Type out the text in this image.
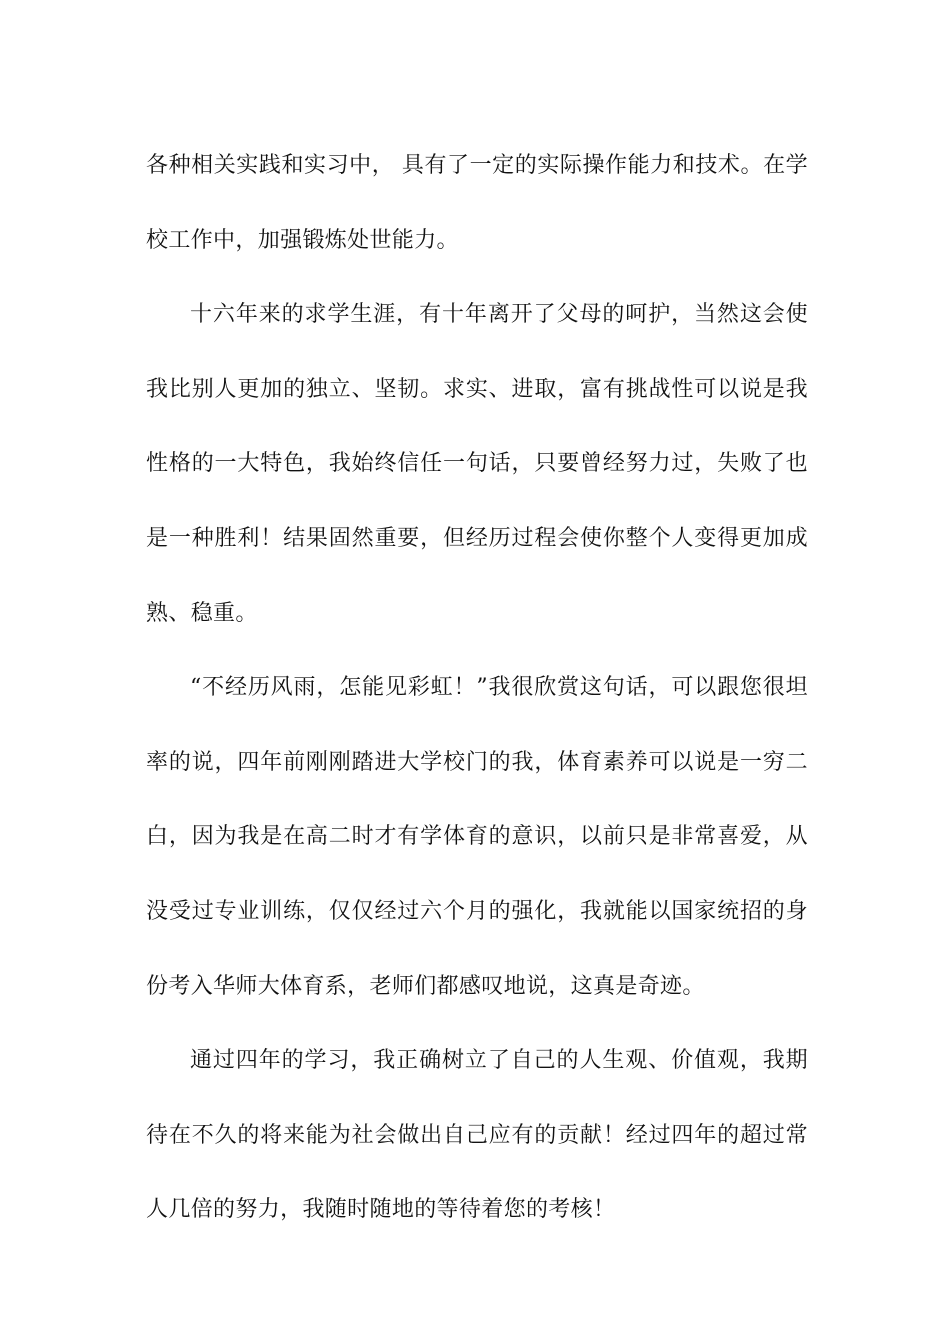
各种相关实践和实习中， 具有了一定的实际操作能力和技术。在学校工作中，加强锻炼处世能力。

十六年来的求学生涯，有十年离开了父母的呵护，当然这会使我比别人更加的独立、坚韧。求实、进取，富有挑战性可以说是我性格的一大特色，我始终信任一句话，只要曾经努力过，失败了也是一种胜利！结果固然重要，但经历过程会使你整个人变得更加成熟、稳重。

“不经历风雨，怎能见彩虹！”我很欣赏这句话，可以跟您很坦率的说，四年前刚刚踏进大学校门的我，体育素养可以说是一穷二白，因为我是在高二时才有学体育的意识，以前只是非常喜爱，从没受过专业训练，仅仅经过六个月的强化，我就能以国家统招的身份考入华师大体育系，老师们都感叹地说，这真是奇迹。

通过四年的学习，我正确树立了自己的人生观、价值观，我期待在不久的将来能为社会做出自己应有的贡献！经过四年的超过常人几倍的努力，我随时随地的等待着您的考核！
